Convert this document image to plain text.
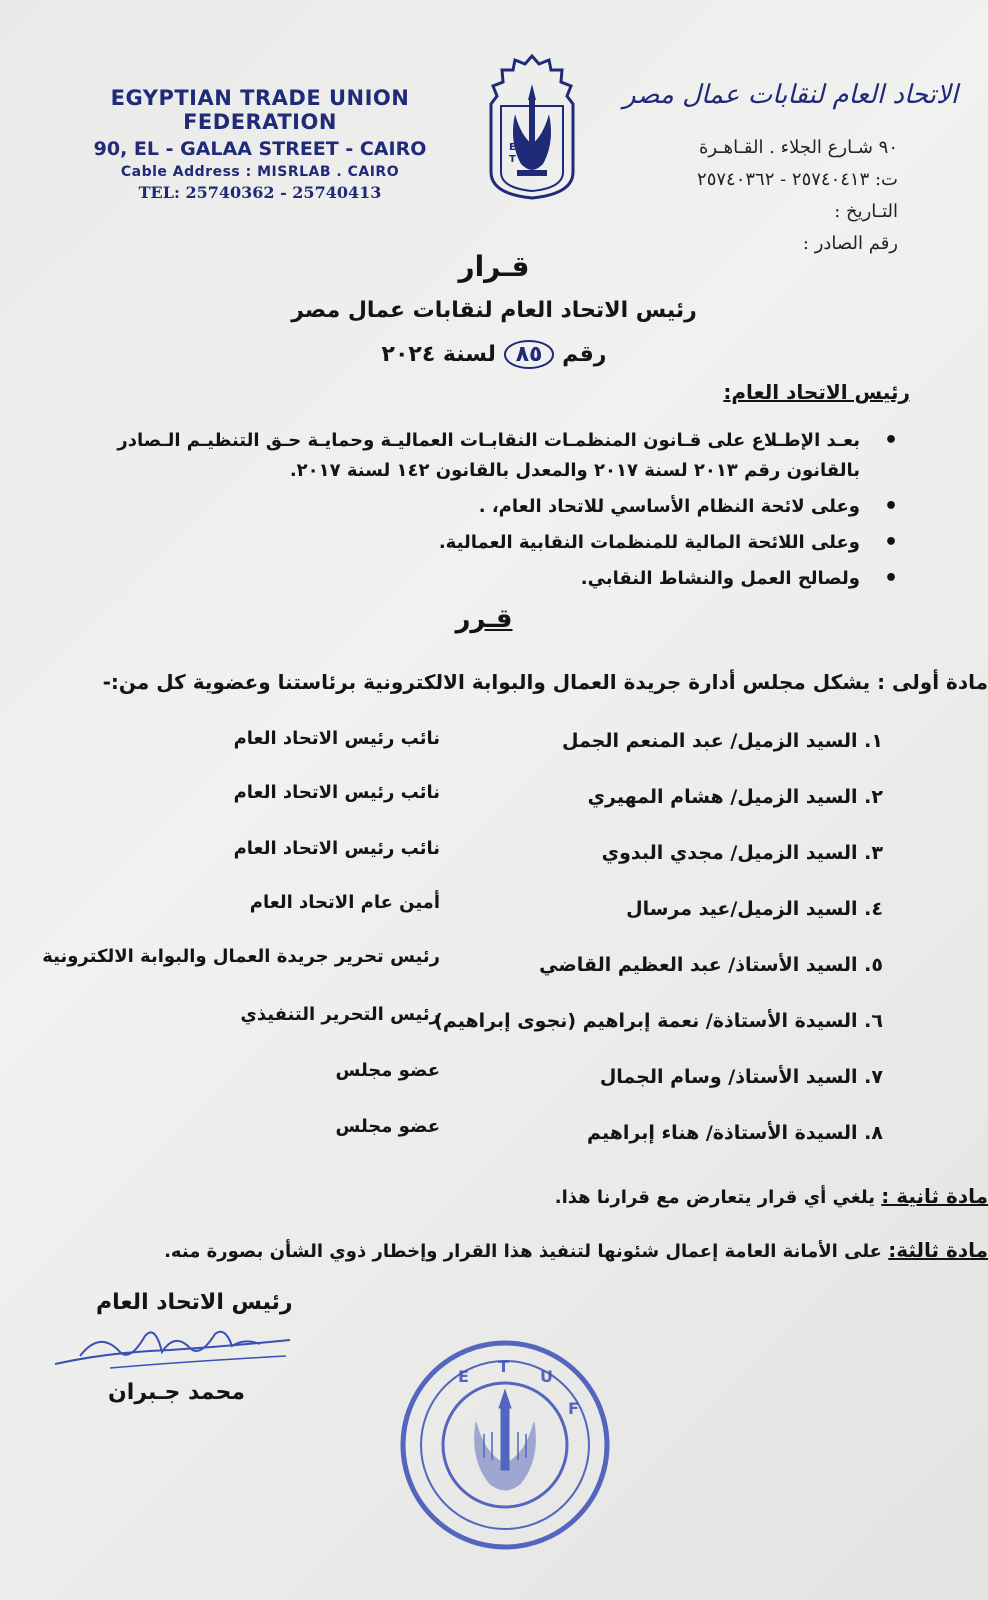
EGYPTIAN TRADE UNION FEDERATION
90, EL - GALAA STREET - CAIRO
Cable Address : MISRLAB . CAIRO
TEL: 25740362 - 25740413
E
T
الاتحاد العام لنقابات عمال مصر
٩٠ شـارع الجلاء . القـاهـرة
ت: ٢٥٧٤٠٤١٣ - ٢٥٧٤٠٣٦٢
التـاريخ :
رقم الصادر :
قـرار
رئيس الاتحاد العام لنقابات عمال مصر
رقم ٨٥ لسنة ٢٠٢٤
رئيس الاتحاد العام:
• بعـد الإطـلاع على قـانون المنظمـات النقابـات العماليـة وحمايـة حـق التنظيـم الـصادر بالقانون رقم ٢٠١٣ لسنة ٢٠١٧ والمعدل بالقانون ١٤٢ لسنة ٢٠١٧.
• وعلى لائحة النظام الأساسي للاتحاد العام، .
• وعلى اللائحة المالية للمنظمات النقابية العمالية.
• ولصالح العمل والنشاط النقابي.
قـرر
مادة أولى : يشكل مجلس أدارة جريدة العمال والبوابة الالكترونية برئاستنا وعضوية كل من:-
١. السيد الزميل/ عبد المنعم الجمل
نائب رئيس الاتحاد العام
٢. السيد الزميل/ هشام المهيري
نائب رئيس الاتحاد العام
٣. السيد الزميل/ مجدي البدوي
نائب رئيس الاتحاد العام
٤. السيد الزميل/عيد مرسال
أمين عام الاتحاد العام
٥. السيد الأستاذ/ عبد العظيم القاضي
رئيس تحرير جريدة العمال والبوابة الالكترونية
٦. السيدة الأستاذة/ نعمة إبراهيم (نجوى إبراهيم)
رئيس التحرير التنفيذي
٧. السيد الأستاذ/ وسام الجمال
عضو مجلس
٨. السيدة الأستاذة/ هناء إبراهيم
عضو مجلس
مادة ثانية : يلغي أي قرار يتعارض مع قرارنا هذا.
مادة ثالثة: على الأمانة العامة إعمال شئونها لتنفيذ هذا القرار وإخطار ذوي الشأن بصورة منه.
رئيس الاتحاد العام
محمد جـبران
E
T
U
F
